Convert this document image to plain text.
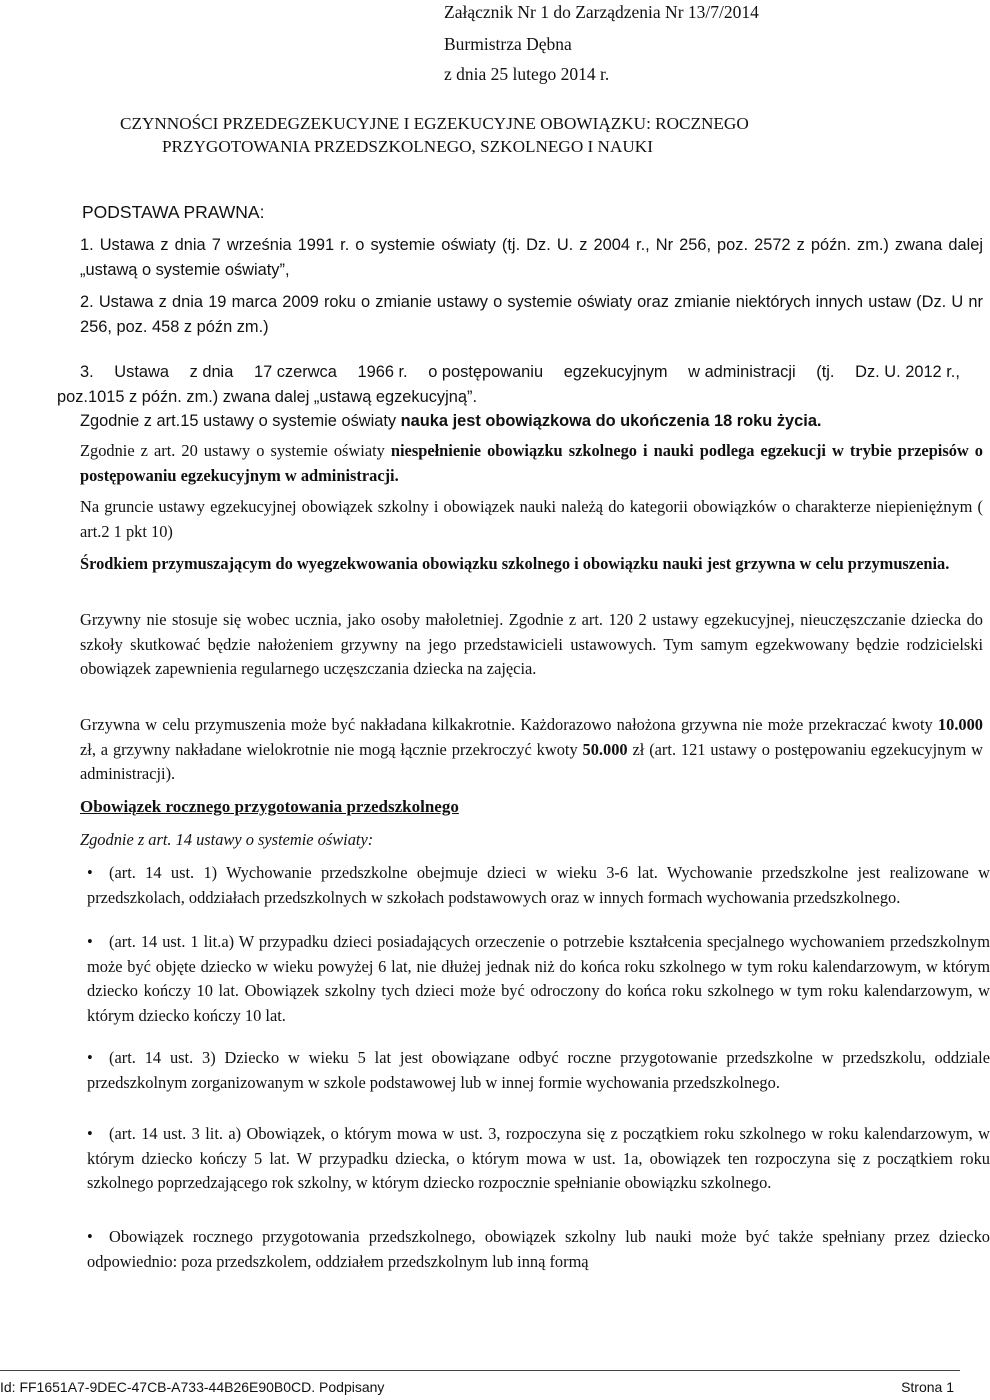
Załącznik Nr 1 do Zarządzenia Nr 13/7/2014
Burmistrza Dębna
z dnia 25 lutego 2014 r.
CZYNNOŚCI PRZEDEGZEKUCYJNE I EGZEKUCYJNE OBOWIĄZKU: ROCZNEGO
PRZYGOTOWANIA PRZEDSZKOLNEGO, SZKOLNEGO I NAUKI
PODSTAWA PRAWNA:
1. Ustawa z dnia 7 września 1991 r. o systemie oświaty (tj. Dz. U. z 2004 r., Nr 256, poz. 2572 z późn. zm.) zwana dalej „ustawą o systemie oświaty”,
2. Ustawa z dnia 19 marca 2009 roku o zmianie ustawy o systemie oświaty oraz zmianie niektórych innych ustaw (Dz. U nr 256, poz. 458 z późn zm.)
3. Ustawa z dnia 17 czerwca 1966 r. o postępowaniu egzekucyjnym w administracji (tj. Dz. U. 2012 r.,
poz.1015 z późn. zm.) zwana dalej „ustawą egzekucyjną”.
Zgodnie z art.15 ustawy o systemie oświaty nauka jest obowiązkowa do ukończenia 18 roku życia.
Zgodnie z art. 20 ustawy o systemie oświaty niespełnienie obowiązku szkolnego i nauki podlega egzekucji w trybie przepisów o postępowaniu egzekucyjnym w administracji.
Na gruncie ustawy egzekucyjnej obowiązek szkolny i obowiązek nauki należą do kategorii obowiązków o charakterze niepieniężnym ( art.2 1 pkt 10)
Środkiem przymuszającym do wyegzekwowania obowiązku szkolnego i obowiązku nauki jest grzywna w celu przymuszenia.
Grzywny nie stosuje się wobec ucznia, jako osoby małoletniej. Zgodnie z art. 120 2 ustawy egzekucyjnej, nieuczęszczanie dziecka do szkoły skutkować będzie nałożeniem grzywny na jego przedstawicieli ustawowych. Tym samym egzekwowany będzie rodzicielski obowiązek zapewnienia regularnego uczęszczania dziecka na zajęcia.
Grzywna w celu przymuszenia może być nakładana kilkakrotnie. Każdorazowo nałożona grzywna nie może przekraczać kwoty 10.000 zł, a grzywny nakładane wielokrotnie nie mogą łącznie przekroczyć kwoty 50.000 zł (art. 121 ustawy o postępowaniu egzekucyjnym w administracji).
Obowiązek rocznego przygotowania przedszkolnego
Zgodnie z art. 14 ustawy o systemie oświaty:
• (art. 14 ust. 1) Wychowanie przedszkolne obejmuje dzieci w wieku 3-6 lat. Wychowanie przedszkolne jest realizowane w przedszkolach, oddziałach przedszkolnych w szkołach podstawowych oraz w innych formach wychowania przedszkolnego.
• (art. 14 ust. 1 lit.a) W przypadku dzieci posiadających orzeczenie o potrzebie kształcenia specjalnego wychowaniem przedszkolnym może być objęte dziecko w wieku powyżej 6 lat, nie dłużej jednak niż do końca roku szkolnego w tym roku kalendarzowym, w którym dziecko kończy 10 lat. Obowiązek szkolny tych dzieci może być odroczony do końca roku szkolnego w tym roku kalendarzowym, w którym dziecko kończy 10 lat.
• (art. 14 ust. 3) Dziecko w wieku 5 lat jest obowiązane odbyć roczne przygotowanie przedszkolne w przedszkolu, oddziale przedszkolnym zorganizowanym w szkole podstawowej lub w innej formie wychowania przedszkolnego.
• (art. 14 ust. 3 lit. a) Obowiązek, o którym mowa w ust. 3, rozpoczyna się z początkiem roku szkolnego w roku kalendarzowym, w którym dziecko kończy 5 lat. W przypadku dziecka, o którym mowa w ust. 1a, obowiązek ten rozpoczyna się z początkiem roku szkolnego poprzedzającego rok szkolny, w którym dziecko rozpocznie spełnianie obowiązku szkolnego.
• Obowiązek rocznego przygotowania przedszkolnego, obowiązek szkolny lub nauki może być także spełniany przez dziecko odpowiednio: poza przedszkolem, oddziałem przedszkolnym lub inną formą
Id: FF1651A7-9DEC-47CB-A733-44B26E90B0CD. Podpisany	Strona 1
